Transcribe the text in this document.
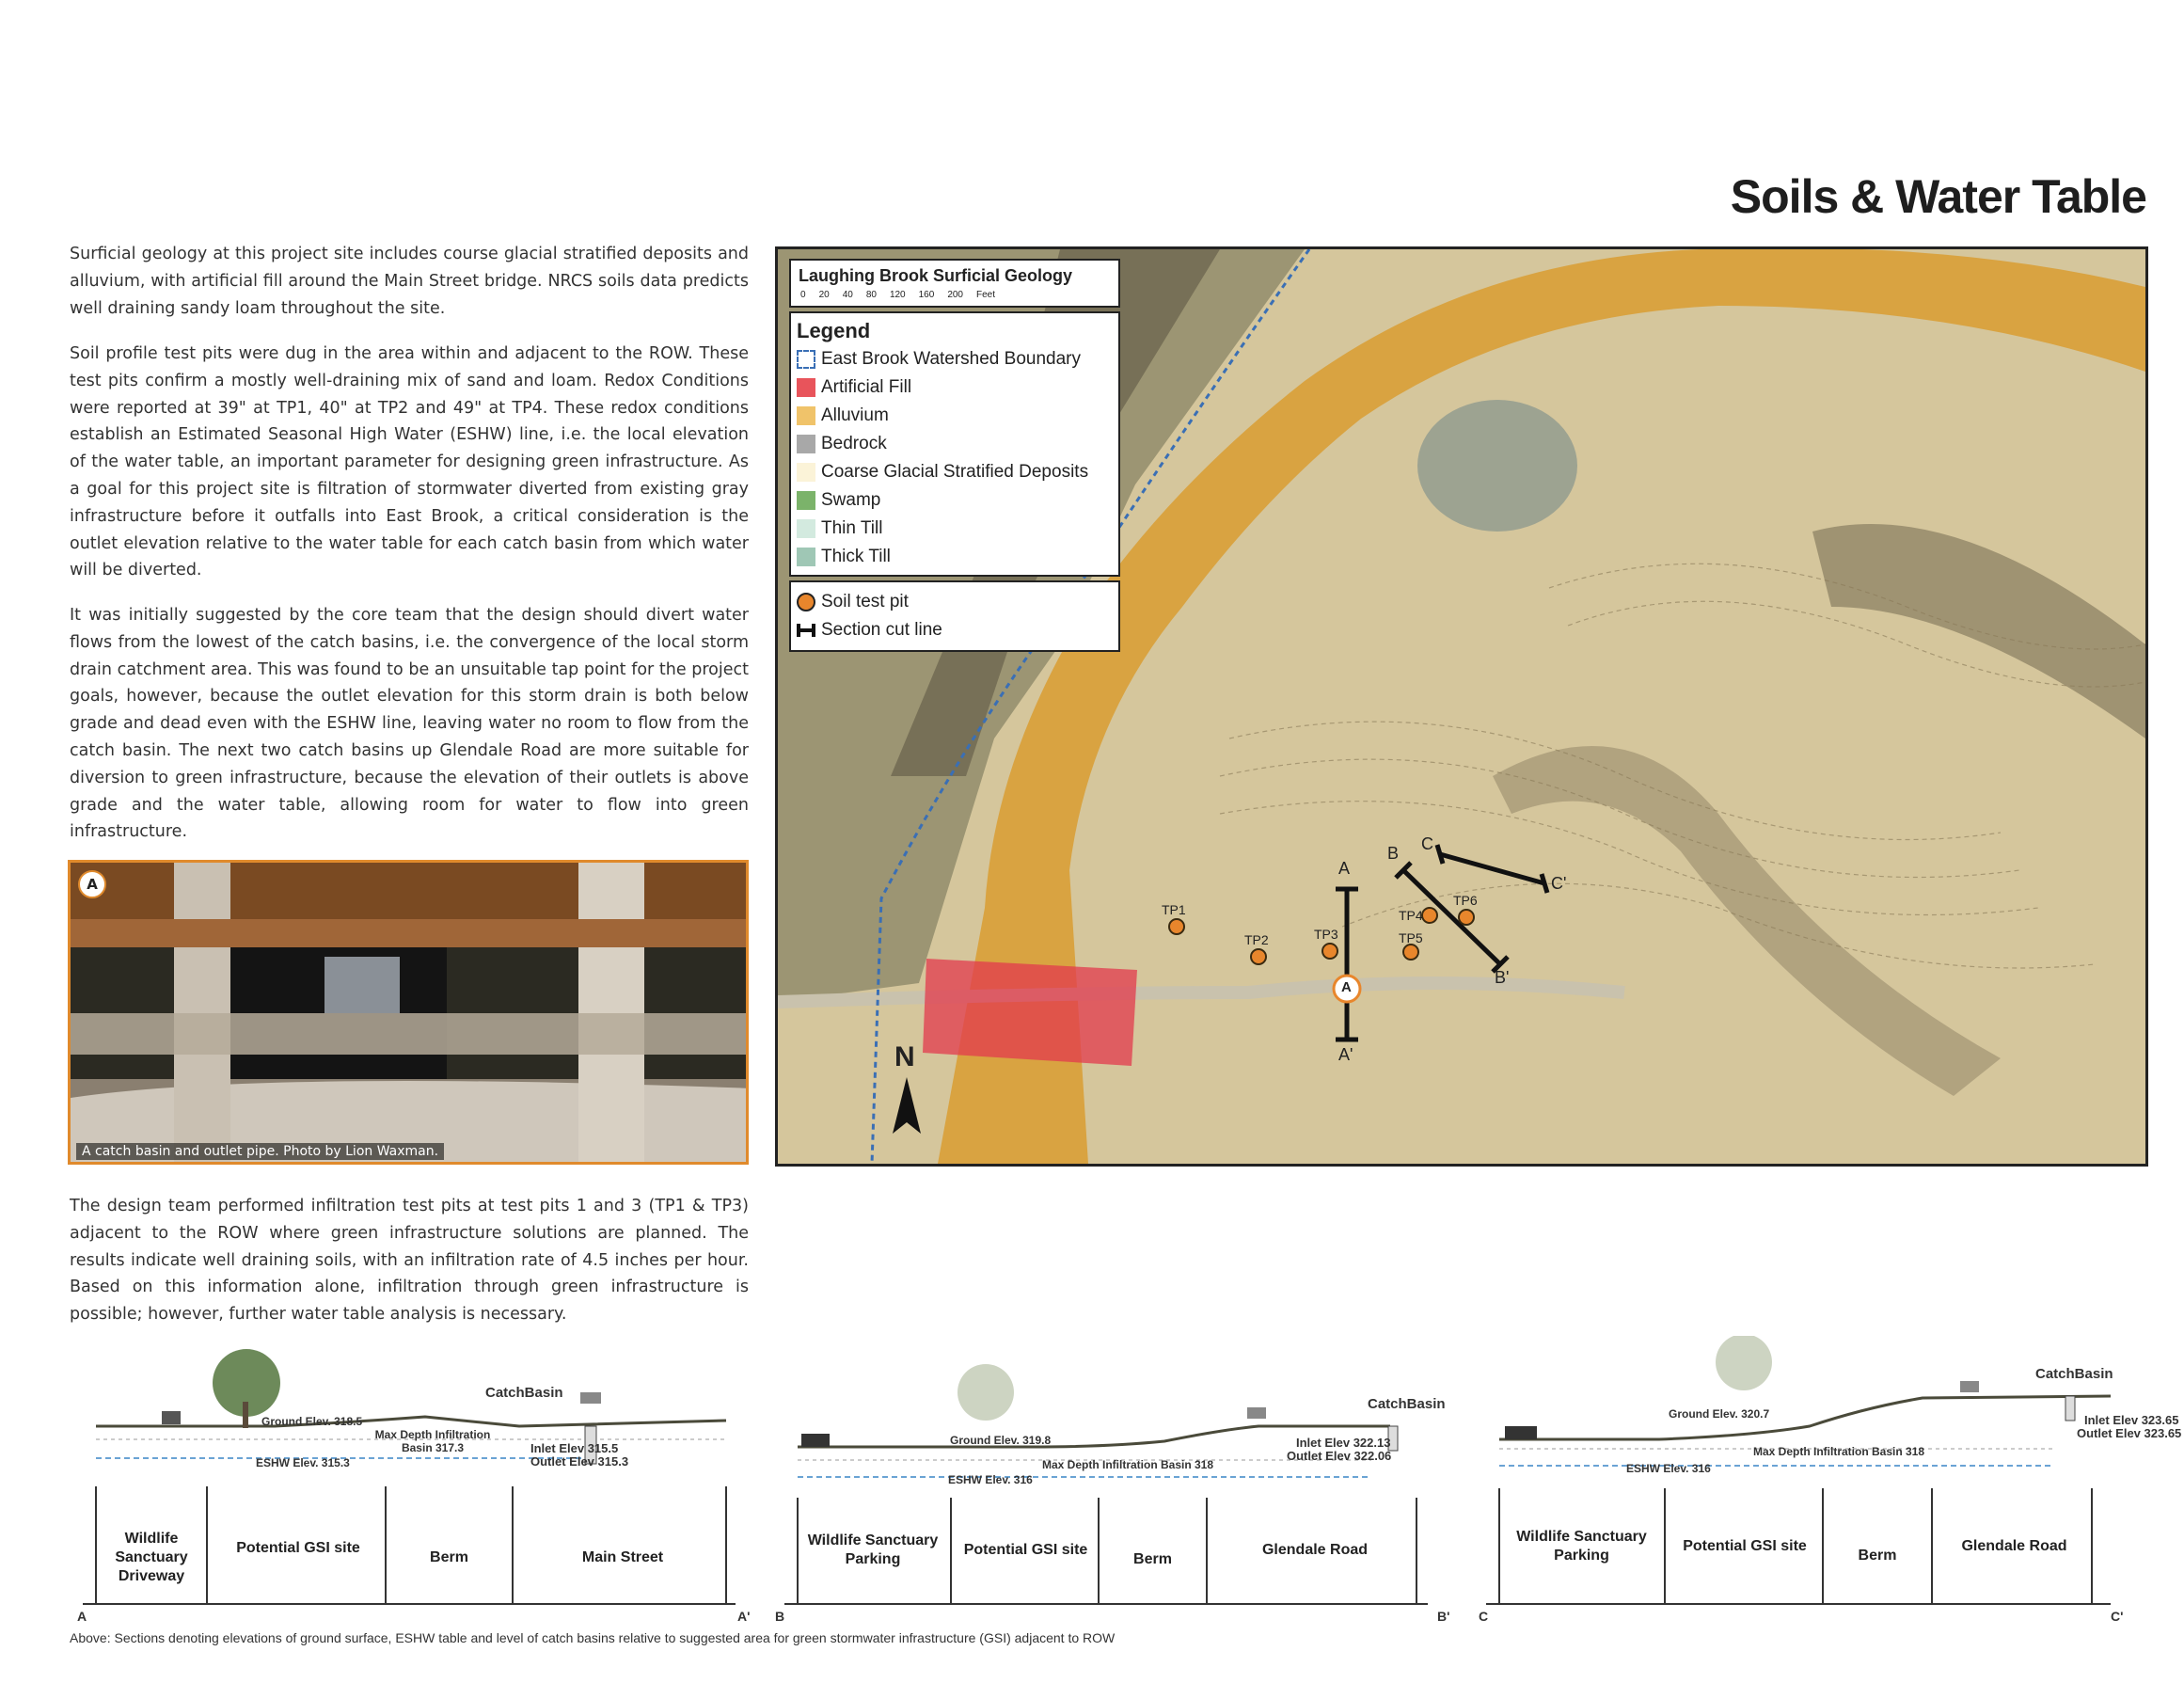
Soils & Water Table

Surficial geology at this project site includes course glacial stratified deposits and alluvium, with artificial fill around the Main Street bridge. NRCS soils data predicts well draining sandy loam throughout the site.

Soil profile test pits were dug in the area within and adjacent to the ROW. These test pits confirm a mostly well-draining mix of sand and loam. Redox Conditions were reported at 39" at TP1, 40" at TP2 and 49" at TP4. These redox conditions establish an Estimated Seasonal High Water (ESHW) line, i.e. the local elevation of the water table, an important parameter for designing green infrastructure. As a goal for this project site is filtration of stormwater diverted from existing gray infrastructure before it outfalls into East Brook, a critical consideration is the outlet elevation relative to the water table for each catch basin from which water will be diverted.

It was initially suggested by the core team that the design should divert water flows from the lowest of the catch basins, i.e. the convergence of the local storm drain catchment area. This was found to be an unsuitable tap point for the project goals, however, because the outlet elevation for this storm drain is both below grade and dead even with the ESHW line, leaving water no room to flow from the catch basin. The next two catch basins up Glendale Road are more suitable for diversion to green infrastructure, because the elevation of their outlets is above grade and the water table, allowing room for water to flow into green infrastructure.

A
A catch basin and outlet pipe. Photo by Lion Waxman.

The design team performed infiltration test pits at test pits 1 and 3 (TP1 & TP3) adjacent to the ROW where green infrastructure solutions are planned. The results indicate well draining soils, with an infiltration rate of 4.5 inches per hour. Based on this information alone, infiltration through green infrastructure is possible; however, further water table analysis is necessary.

Laughing Brook Surficial Geology
0 20 40 80 120 160 200 Feet
Legend
East Brook Watershed Boundary
Artificial Fill
Alluvium
Bedrock
Coarse Glacial Stratified Deposits
Swamp
Thin Till
Thick Till
Soil test pit
Section cut line
TP1
TP2	TP3
TP4
TP5
TP6
A
A'
B
B'
C
C'
A
N
Wildlife Sanctuary Driveway
Potential GSI site
Berm	Main Street
A	A'
CatchBasin
Ground Elev. 318.5
Max Depth Infiltration Basin 317.3
ESHW Elev. 315.3
Inlet Elev 315.5
Outlet Elev 315.3
Wildlife Sanctuary Parking
Potential GSI site
Berm
Glendale Road
B	B'
CatchBasin
Ground Elev. 319.8
Max Depth Infiltration Basin 318
ESHW Elev. 316
Inlet Elev 322.13
Outlet Elev 322.06
Wildlife Sanctuary Parking
Potential GSI site
Berm
Glendale Road
C	C'
CatchBasin
Ground Elev. 320.7
Max Depth Infiltration Basin 318
ESHW Elev. 316
Inlet Elev 323.65
Outlet Elev 323.65
Above: Sections denoting elevations of ground surface, ESHW table and level of catch basins relative to suggested area for green stormwater infrastructure (GSI) adjacent to ROW
